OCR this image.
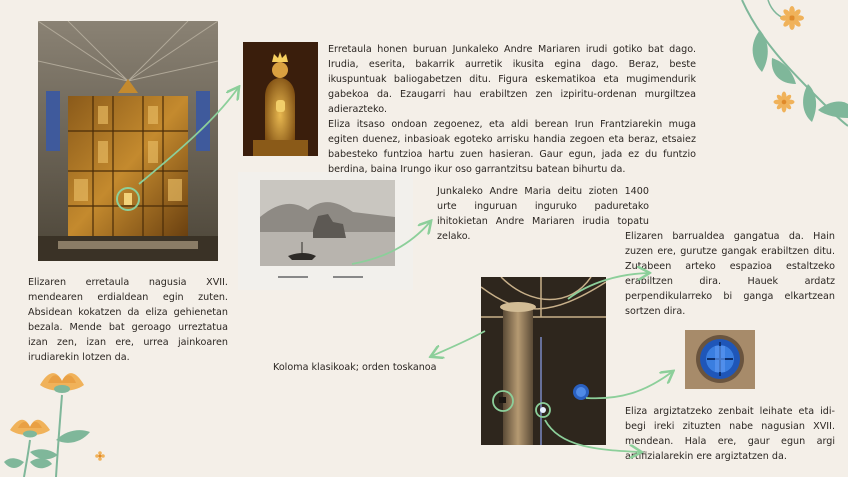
Erretaula honen buruan Junkaleko Andre Mariaren irudi gotiko bat dago. Irudia, eserita, bakarrik aurretik ikusita egina dago. Beraz, beste ikuspuntuak baliogabetzen ditu. Figura eskematikoa eta mugimendurik gabekoa da. Ezaugarri hau erabiltzen zen izpiritu-ordenan murgiltzea adierazteko.
Eliza itsaso ondoan zegoenez, eta aldi berean Irun Frantziarekin muga egiten duenez, inbasioak egoteko arrisku handia zegoen eta beraz, etsaiez babesteko funtzioa hartu zuen hasieran. Gaur egun, jada ez du funtzio berdina, baina Irungo ikur oso garrantzitsu batean bihurtu da.

Junkaleko Andre Maria deitu zioten 1400 urte inguruan inguruko paduretako ihitokietan Andre Mariaren irudia topatu zelako.

Elizaren erretaula nagusia XVII. mendearen erdialdean egin zuten. Absidean kokatzen da eliza gehienetan bezala. Mende bat geroago urreztatua izan zen, izan ere, urrea jainkoaren irudiarekin lotzen da.

Elizaren barrualdea gangatua da. Hain zuzen ere, gurutze gangak erabiltzen ditu. Zutabeen arteko espazioa estaltzeko erabiltzen dira. Hauek ardatz perpendikularreko bi ganga elkartzean sortzen dira.

Koloma klasikoak; orden toskanoa

Eliza argiztatzeko zenbait leihate eta idi-begi ireki zituzten nabe nagusian XVII. mendean. Hala ere, gaur egun argi artifizialarekin ere argiztatzen da.
